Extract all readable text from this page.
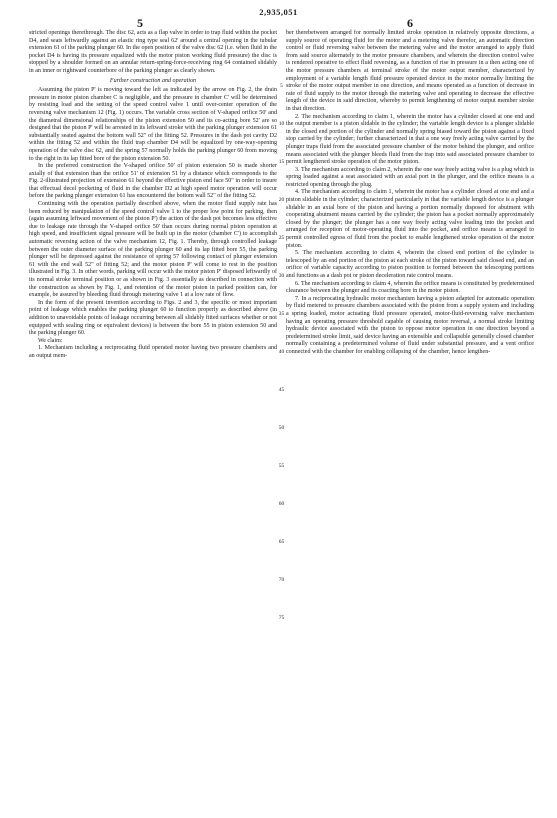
2,935,051
5	6

stricted openings therethrough. The disc 62, acts as a flap valve in order to trap fluid within the pocket D4, and seats leftwardly against an elastic ring type seal 62' around a central opening in the tubular extension 61 of the parking plunger 60. In the open position of the valve disc 62 (i.e. when fluid in the pocket D4 is having its pressure equalized with the motor piston working fluid pressure) the disc is stopped by a shoulder formed on an annular return-spring-force-receiving ring 64 contained slidably in an inner or rightward counterbore of the parking plunger as clearly shown.

Further construction and operation

Assuming the piston P' is moving toward the left as indicated by the arrow on Fig. 2, the drain pressure in motor piston chamber C is negligible, and the pressure in chamber C' will be determined by resisting load and the setting of the speed control valve 1 until over-center operation of the reversing valve mechanism 12 (Fig. 1) occurs. The variable cross section of V-shaped orifice 50' and the diametral dimensional relationships of the piston extension 50 and its co-acting bore 52' are so designed that the piston P' will be arrested in its leftward stroke with the parking plunger extension 61 substantially seated against the bottom wall 52" of the fitting 52. Pressures in the dash pot cavity D2 within the fitting 52 and within the fluid trap chamber D4 will be equalized by one-way-opening operation of the valve disc 62, and the spring 57 normally holds the parking plunger 60 from moving to the right in its lap fitted bore of the piston extension 50.

In the preferred construction the V-shaped orifice 50' of piston extension 50 is made shorter axially of that extension than the orifice 51' of extension 51 by a distance which corresponds to the Fig. 2-illustrated projection of extension 61 beyond the effective piston end face 50" in order to insure that effectual decel pocketing of fluid in the chamber D2 at high speed motor operation will occur before the parking plunger extension 61 has encountered the bottom wall 52" of the fitting 52.

Continuing with the operation partially described above, when the motor fluid supply rate has been reduced by manipulation of the speed control valve 1 to the proper low point for parking, then (again assuming leftward movement of the piston P') the action of the dash pot becomes less effective due to leakage rate through the V-shaped orifice 50' than occurs during normal piston operation at high speed, and insufficient signal pressure will be built up in the motor (chamber C') to accomplish automatic reversing action of the valve mechanism 12, Fig. 1. Thereby, through controlled leakage between the outer diameter surface of the parking plunger 60 and its lap fitted bore 55, the parking plunger will be depressed against the resistance of spring 57 following contact of plunger extension 61 with the end wall 52" of fitting 52; and the motor piston P' will come to rest in the position illustrated in Fig. 3. In other words, parking will occur with the motor piston P' disposed leftwardly of its normal stroke terminal position or as shown in Fig. 3 essentially as described in connection with the construction as shown by Fig. 1, and retention of the motor piston in parked position can, for example, be assured by bleeding fluid through metering valve 1 at a low rate of flow.

In the form of the present invention according to Figs. 2 and 3, the specific or most important point of leakage which enables the parking plunger 60 to function properly as described above (in addition to unavoidable points of leakage occurring between all slidably fitted surfaces whether or not equipped with sealing ring or equivalent devices) is between the bore 55 in piston extension 50 and the parking plunger 60.

We claim:

1. Mechanism including a reciprocating fluid operated motor having two pressure chambers and an output mem-

5
10
15
20
25
30
35
40
45
50
55
60
65
70
75

ber therebetween arranged for normally limited stroke operation in relatively opposite directions, a supply source of operating fluid for the motor and a metering valve therefor, an automatic direction control or fluid reversing valve between the metering valve and the motor arranged to apply fluid from said source alternately to the motor pressure chambers, and wherein the direction control valve is rendered operative to effect fluid reversing, as a function of rise in pressure in a then acting one of the motor pressure chambers at terminal stroke of the motor output member, characterized by employment of a variable length fluid pressure operated device in the motor normally limiting the stroke of the motor output member in one direction, and means operated as a function of decrease in rate of fluid supply to the motor through the metering valve and operating to decrease the effective length of the device in said direction, whereby to permit lengthening of motor output member stroke in that direction.

2. The mechanism according to claim 1, wherein the motor has a cylinder closed at one end and the output member is a piston slidable in the cylinder; the variable length device is a plunger slidable in the closed end portion of the cylinder and normally spring biased toward the piston against a fixed stop carried by the cylinder; further characterized in that a one way freely acting valve carried by the plunger traps fluid from the associated pressure chamber of the motor behind the plunger, and orifice means associated with the plunger bleeds fluid from the trap into said associated pressure chamber to permit lengthened stroke operation of the motor piston.

3. The mechanism according to claim 2, wherein the one way freely acting valve is a plug which is spring loaded against a seat associated with an axial port in the plunger, and the orifice means is a restricted opening through the plug.

4. The mechanism according to claim 1, wherein the motor has a cylinder closed at one end and a piston slidable in the cylinder; characterized particularly in that the variable length device is a plunger slidable in an axial bore of the piston and having a portion normally disposed for abutment with cooperating abutment means carried by the cylinder; the piston has a pocket normally approximately closed by the plunger; the plunger has a one way freely acting valve leading into the pocket and arranged for reception of motor-operating fluid into the pocket, and orifice means is arranged to permit controlled egress of fluid from the pocket to enable lengthened stroke operation of the motor piston.

5. The mechanism according to claim 4, wherein the closed end portion of the cylinder is telescoped by an end portion of the piston at each stroke of the piston toward said closed end, and an orifice of variable capacity according to piston position is formed between the telescoping portions and functions as a dash pot or piston deceleration rate control means.

6. The mechanism according to claim 4, wherein the orifice means is constituted by predetermined clearance between the plunger and its coacting bore in the motor piston.

7. In a reciprocating hydraulic motor mechanism having a piston adapted for automatic operation by fluid metered to pressure chambers associated with the piston from a supply system and including a spring loaded, motor actuating fluid pressure operated, motor-fluid-reversing valve mechanism having an operating pressure threshold capable of causing motor reversal, a normal stroke limiting hydraulic device associated with the piston to oppose motor operation in one direction beyond a predetermined stroke limit, said device having an extensible and collapsible generally closed chamber normally containing a predetermined volume of fluid under substantial pressure, and a vent orifice connected with the chamber for enabling collapsing of the chamber, hence lengthen-
